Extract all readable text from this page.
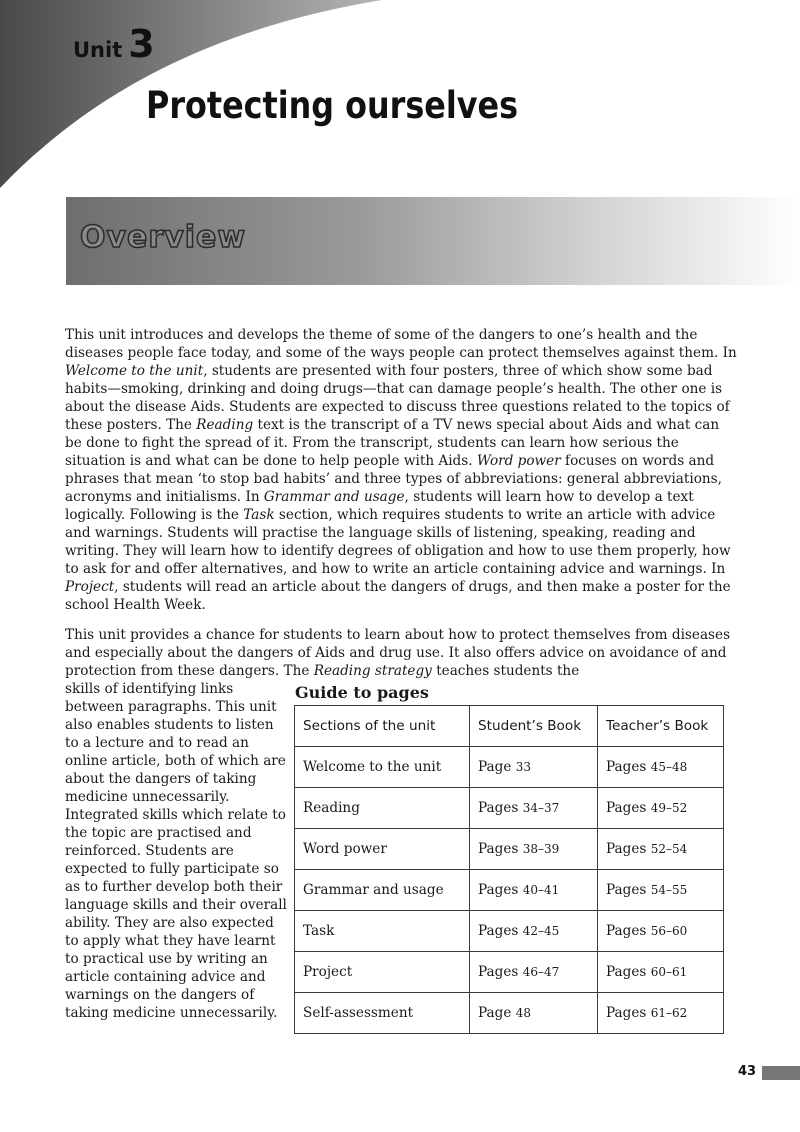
Unit 3
Protecting ourselves
Overview

This unit introduces and develops the theme of some of the dangers to one’s health and the diseases people face today, and some of the ways people can protect themselves against them. In Welcome to the unit, students are presented with four posters, three of which show some bad habits—smoking, drinking and doing drugs—that can damage people’s health. The other one is about the disease Aids. Students are expected to discuss three questions related to the topics of these posters. The Reading text is the transcript of a TV news special about Aids and what can be done to fight the spread of it. From the transcript, students can learn how serious the situation is and what can be done to help people with Aids. Word power focuses on words and phrases that mean ‘to stop bad habits’ and three types of abbreviations: general abbreviations, acronyms and initialisms. In Grammar and usage, students will learn how to develop a text logically. Following is the Task section, which requires students to write an article with advice and warnings. Students will practise the language skills of listening, speaking, reading and writing. They will learn how to identify degrees of obligation and how to use them properly, how to ask for and offer alternatives, and how to write an article containing advice and warnings. In Project, students will read an article about the dangers of drugs, and then make a poster for the school Health Week.

This unit provides a chance for students to learn about how to protect themselves from diseases and especially about the dangers of Aids and drug use. It also offers advice on avoidance of and protection from these dangers. The Reading strategy teaches students the

skills of identifying links between paragraphs. This unit also enables students to listen to a lecture and to read an online article, both of which are about the dangers of taking medicine unnecessarily. Integrated skills which relate to the topic are practised and reinforced. Students are expected to fully participate so as to further develop both their language skills and their overall ability. They are also expected to apply what they have learnt to practical use by writing an article containing advice and warnings on the dangers of taking medicine unnecessarily.

Guide to pages
Sections of the unit	Student’s Book	Teacher’s Book
Welcome to the unit	Page 33	Pages 45–48
Reading	Pages 34–37	Pages 49–52
Word power	Pages 38–39	Pages 52–54
Grammar and usage	Pages 40–41	Pages 54–55
Task	Pages 42–45	Pages 56–60
Project	Pages 46–47	Pages 60–61
Self-assessment	Page 48	Pages 61–62
43
